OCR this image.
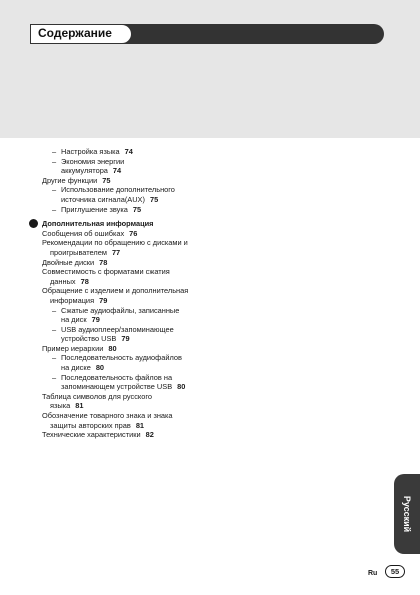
Содержание
– Настройка языка 74
– Экономия энергии
аккумулятора 74
Другие функции 75
– Использование дополнительного
источника сигнала(AUX) 75
– Приглушение звука 75
Дополнительная информация
Сообщения об ошибках 76
Рекомендации по обращению с дисками и
проигрывателем 77
Двойные диски 78
Совместимость с форматами сжатия
данных 78
Обращение с изделием и дополнительная
информация 79
– Сжатые аудиофайлы, записанные
на диск 79
– USB аудиоплеер/запоминающее
устройство USB 79
Пример иерархии 80
– Последовательность аудиофайлов
на диске 80
– Последовательность файлов на
запоминающем устройстве USB 80
Таблица символов для русского
языка 81
Обозначение товарного знака и знака
защиты авторских прав 81
Технические характеристики 82
Русский
Ru	55
